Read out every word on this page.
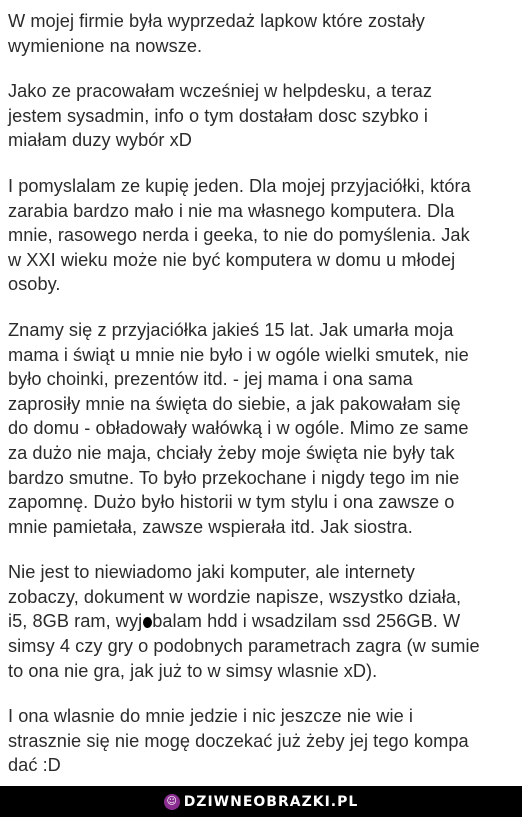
W mojej firmie była wyprzedaż lapkow które zostały
wymienione na nowsze.

Jako ze pracowałam wcześniej w helpdesku, a teraz
jestem sysadmin, info o tym dostałam dosc szybko i
miałam duzy wybór xD

I pomyslalam ze kupię jeden. Dla mojej przyjaciółki, która
zarabia bardzo mało i nie ma własnego komputera. Dla
mnie, rasowego nerda i geeka, to nie do pomyślenia. Jak
w XXI wieku może nie być komputera w domu u młodej
osoby.

Znamy się z przyjaciółka jakieś 15 lat. Jak umarła moja
mama i świąt u mnie nie było i w ogóle wielki smutek, nie
było choinki, prezentów itd. - jej mama i ona sama
zaprosiły mnie na święta do siebie, a jak pakowałam się
do domu - obładowały wałówką i w ogóle. Mimo ze same
za dużo nie maja, chciały żeby moje święta nie były tak
bardzo smutne. To było przekochane i nigdy tego im nie
zapomnę. Dużo było historii w tym stylu i ona zawsze o
mnie pamietała, zawsze wspierała itd. Jak siostra.

Nie jest to niewiadomo jaki komputer, ale internety
zobaczy, dokument w wordzie napisze, wszystko działa,
i5, 8GB ram, wyj balam hdd i wsadzilam ssd 256GB. W
simsy 4 czy gry o podobnych parametrach zagra (w sumie
to ona nie gra, jak już to w simsy wlasnie xD).

I ona wlasnie do mnie jedzie i nic jeszcze nie wie i
strasznie się nie mogę doczekać już żeby jej tego kompa
dać :D

☺ DZIWNEOBRAZKI.PL
